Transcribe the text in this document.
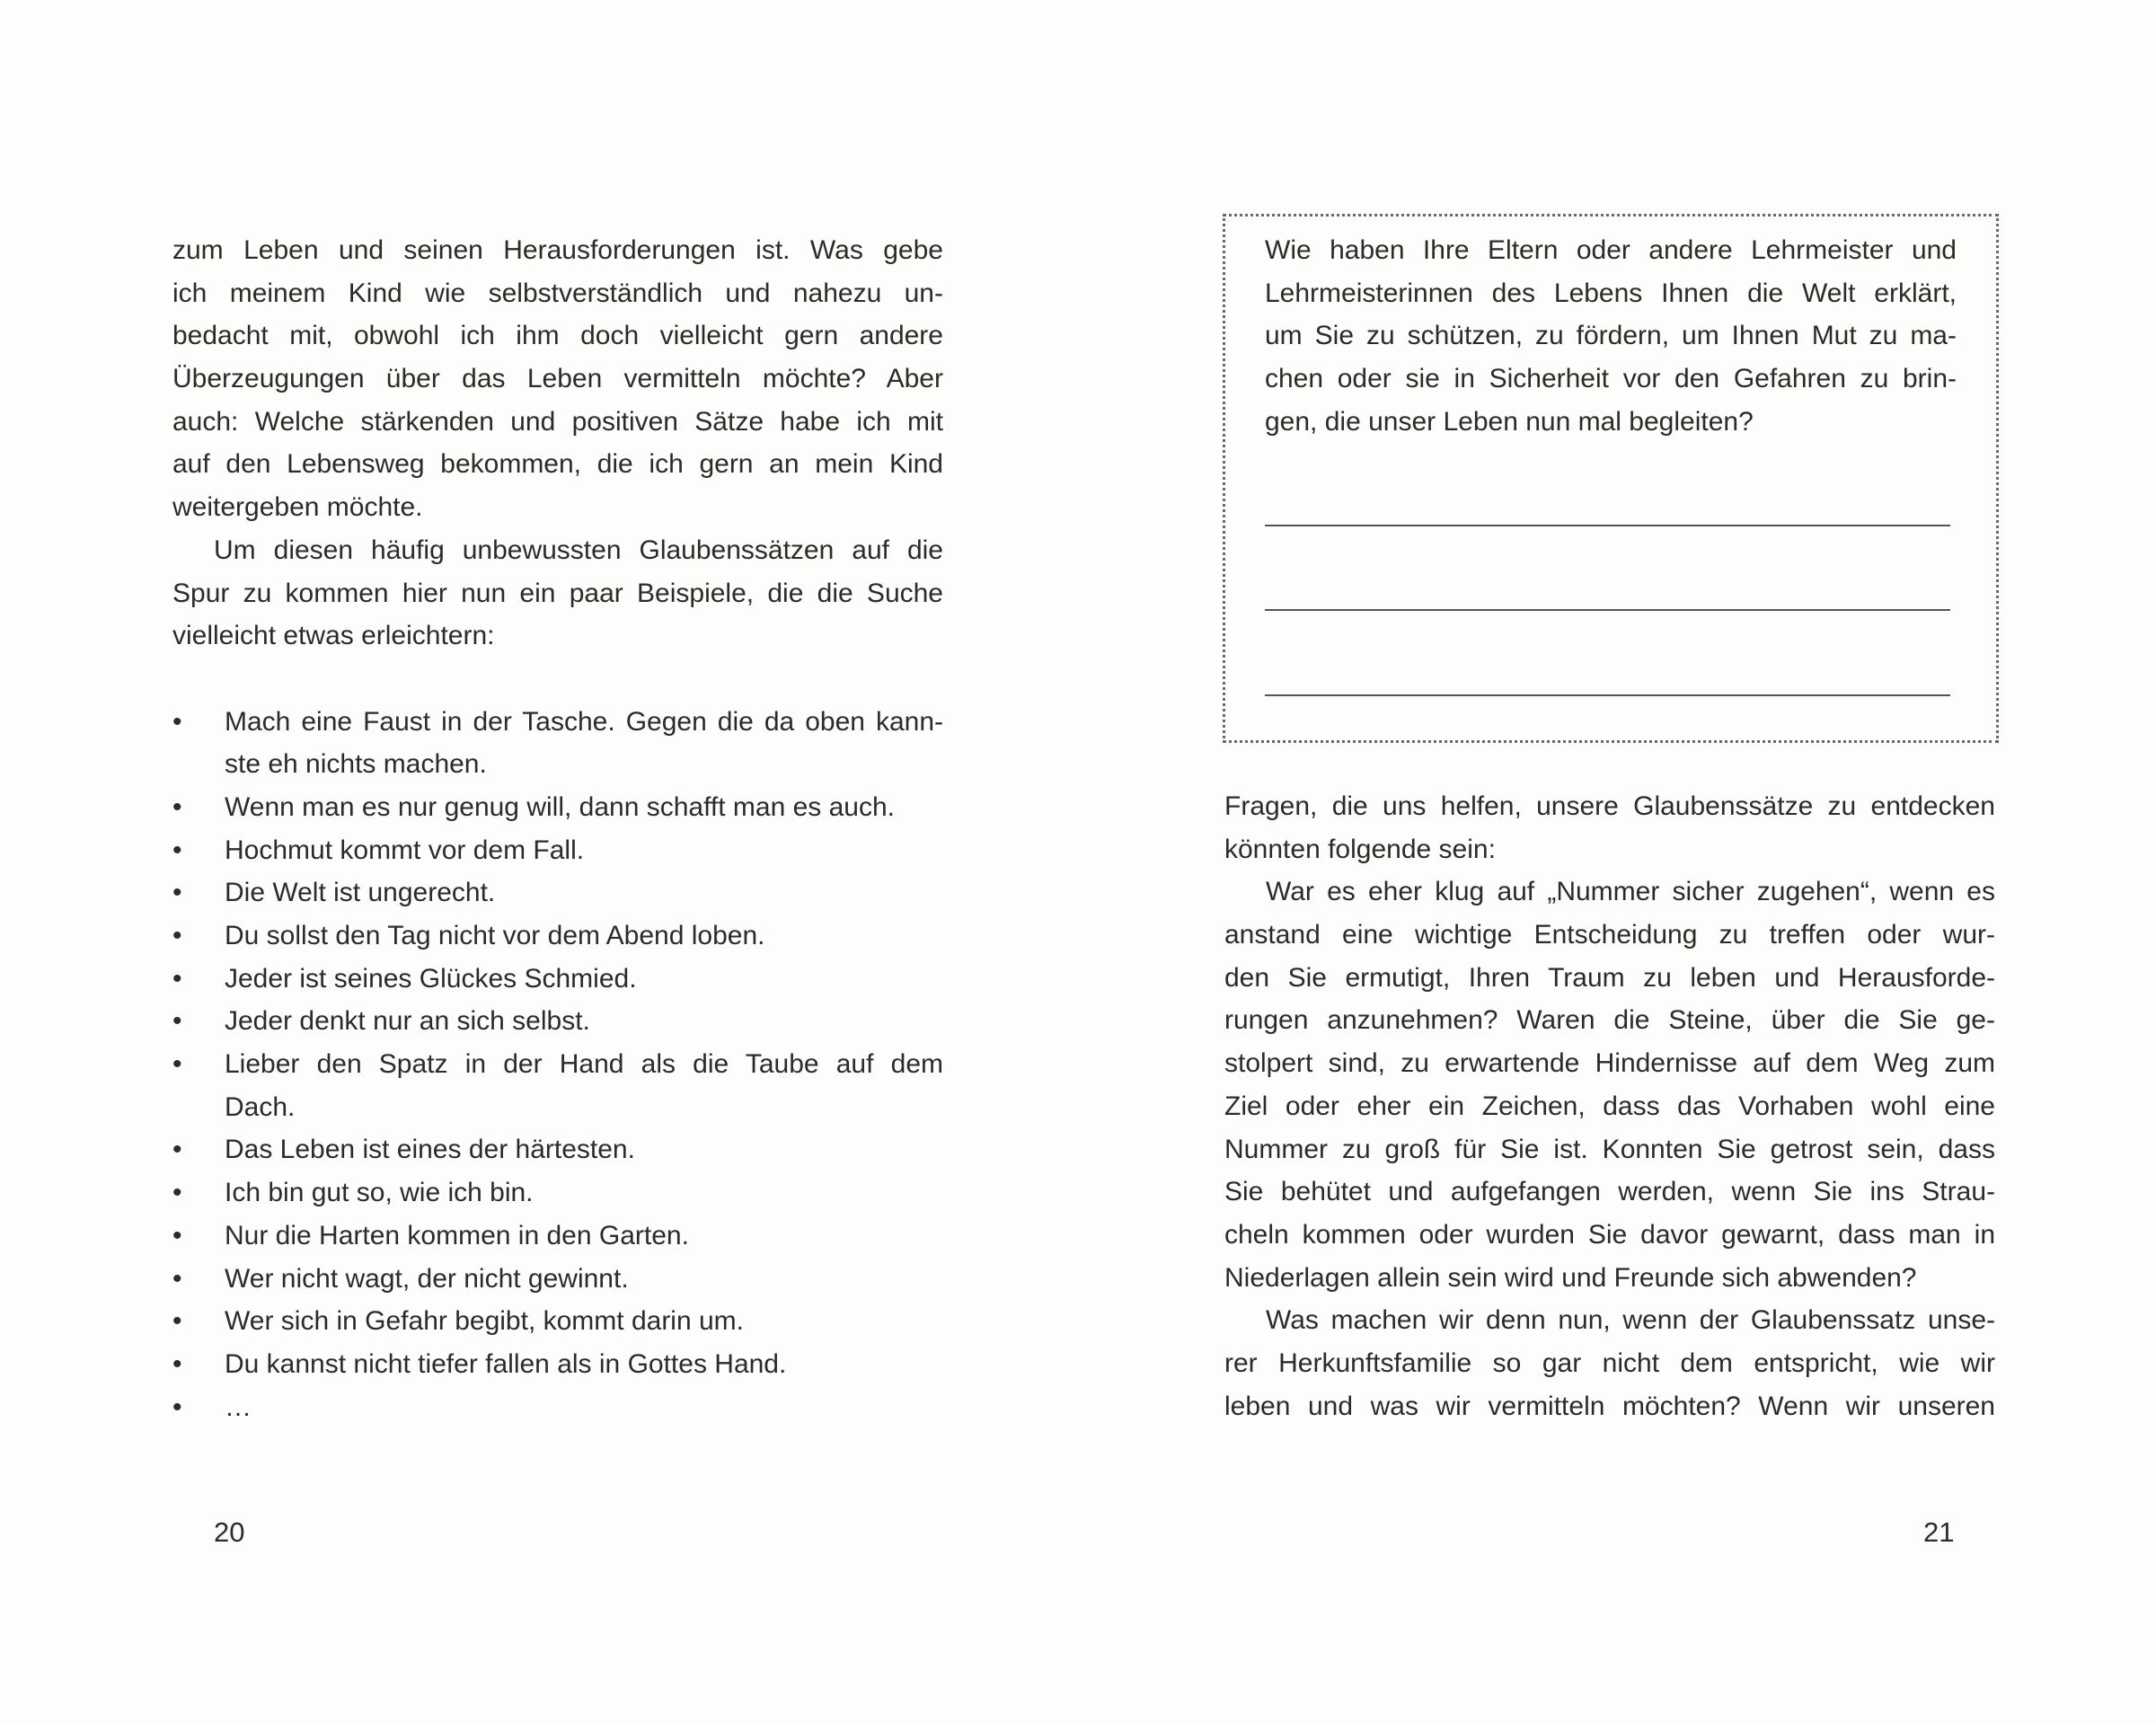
zum Leben und seinen Herausforderungen ist. Was gebe
ich meinem Kind wie selbstverständlich und nahezu un-
bedacht mit, obwohl ich ihm doch vielleicht gern andere
Überzeugungen über das Leben vermitteln möchte? Aber
auch: Welche stärkenden und positiven Sätze habe ich mit
auf den Lebensweg bekommen, die ich gern an mein Kind
weitergeben möchte.
Um diesen häufig unbewussten Glaubenssätzen auf die
Spur zu kommen hier nun ein paar Beispiele, die die Suche
vielleicht etwas erleichtern:
• Mach eine Faust in der Tasche. Gegen die da oben kann-
ste eh nichts machen.
• Wenn man es nur genug will, dann schafft man es auch.
• Hochmut kommt vor dem Fall.
• Die Welt ist ungerecht.
• Du sollst den Tag nicht vor dem Abend loben.
• Jeder ist seines Glückes Schmied.
• Jeder denkt nur an sich selbst.
• Lieber den Spatz in der Hand als die Taube auf dem
Dach.
• Das Leben ist eines der härtesten.
• Ich bin gut so, wie ich bin.
• Nur die Harten kommen in den Garten.
• Wer nicht wagt, der nicht gewinnt.
• Wer sich in Gefahr begibt, kommt darin um.
• Du kannst nicht tiefer fallen als in Gottes Hand.
• …
Wie haben Ihre Eltern oder andere Lehrmeister und
Lehrmeisterinnen des Lebens Ihnen die Welt erklärt,
um Sie zu schützen, zu fördern, um Ihnen Mut zu ma-
chen oder sie in Sicherheit vor den Gefahren zu brin-
gen, die unser Leben nun mal begleiten?
Fragen, die uns helfen, unsere Glaubenssätze zu entdecken
könnten folgende sein:
War es eher klug auf „Nummer sicher zugehen“, wenn es
anstand eine wichtige Entscheidung zu treffen oder wur-
den Sie ermutigt, Ihren Traum zu leben und Herausforde-
rungen anzunehmen? Waren die Steine, über die Sie ge-
stolpert sind, zu erwartende Hindernisse auf dem Weg zum
Ziel oder eher ein Zeichen, dass das Vorhaben wohl eine
Nummer zu groß für Sie ist. Konnten Sie getrost sein, dass
Sie behütet und aufgefangen werden, wenn Sie ins Strau-
cheln kommen oder wurden Sie davor gewarnt, dass man in
Niederlagen allein sein wird und Freunde sich abwenden?
Was machen wir denn nun, wenn der Glaubenssatz unse-
rer Herkunftsfamilie so gar nicht dem entspricht, wie wir
leben und was wir vermitteln möchten? Wenn wir unseren
20	21
